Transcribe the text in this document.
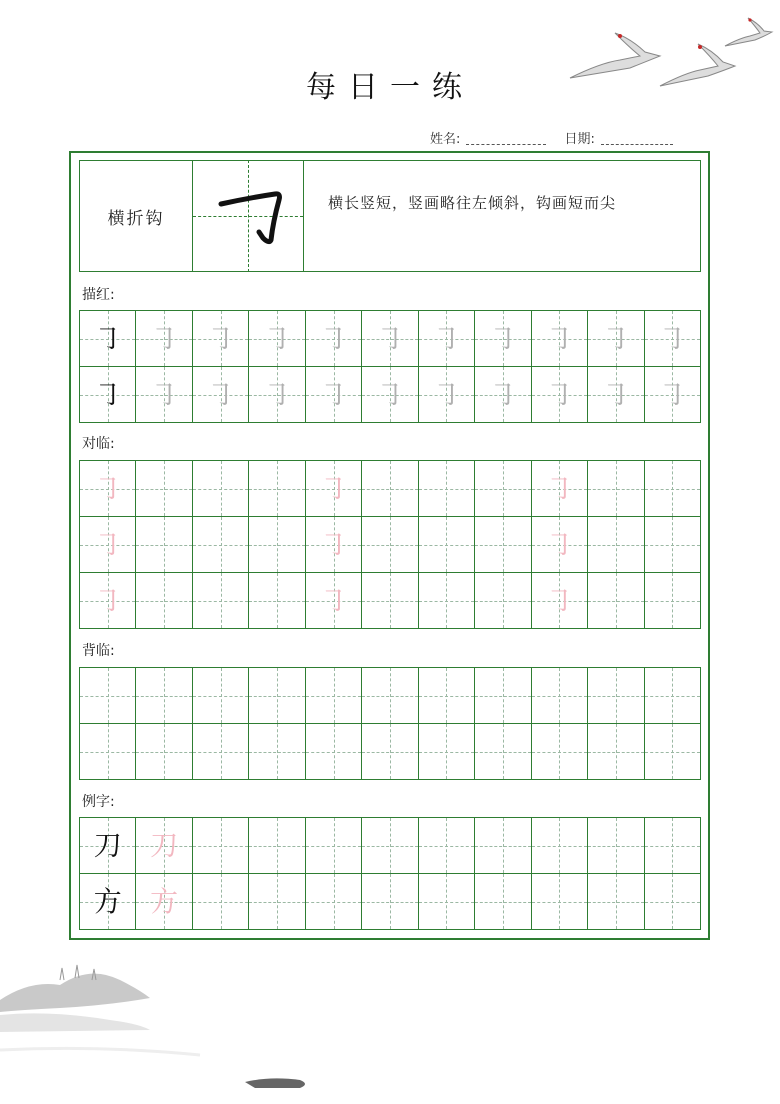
每日一练
姓名:	日期:
横折钩
横长竖短，竖画略往左倾斜，钩画短而尖
描红:
㇆ ㇆ ㇆ ㇆ ㇆ ㇆ ㇆ ㇆ ㇆ ㇆ ㇆
㇆ ㇆ ㇆ ㇆ ㇆ ㇆ ㇆ ㇆ ㇆ ㇆ ㇆
对临:
㇆	㇆	㇆
㇆	㇆	㇆
㇆	㇆	㇆
背临:
例字:
刀 刀
方 方
